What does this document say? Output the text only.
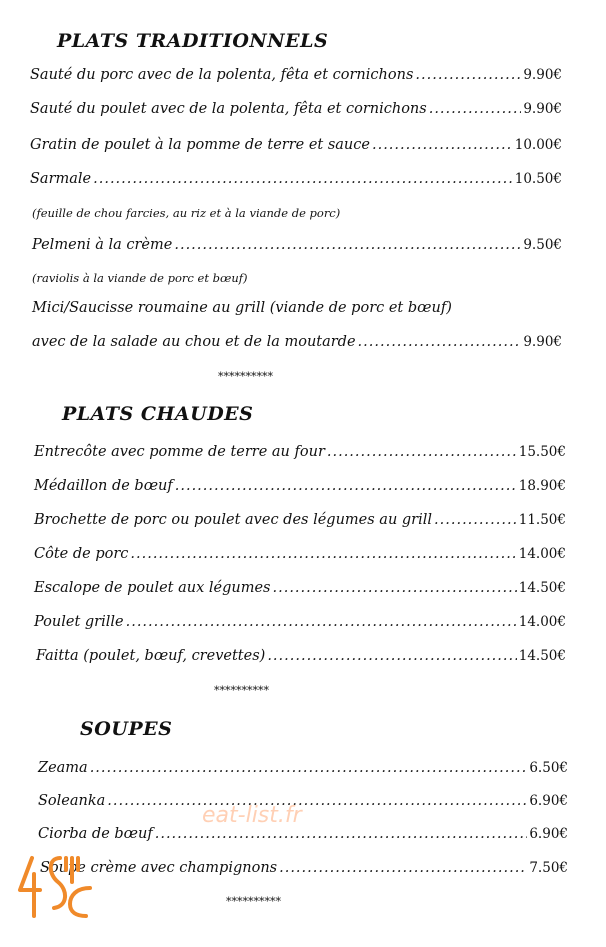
PLATS TRADITIONNELS
Sauté du porc avec de la polenta, fêta et cornichons .....	9.90€
Sauté du poulet avec de la polenta, fêta et cornichons .....	9.90€
Gratin de poulet à la pomme de terre et sauce .....	10.00€
Sarmale .....	10.50€
(feuille de chou farcies, au riz et à la viande de porc)
Pelmeni à la crème .....	9.50€
(raviolis à la viande de porc et bœuf)
Mici/Saucisse roumaine au grill (viande de porc et bœuf)
avec de la salade au chou et de la moutarde .....	9.90€
**********
PLATS CHAUDES
Entrecôte avec pomme de terre au four .....	15.50€
Médaillon de bœuf .....	18.90€
Brochette de porc ou poulet avec des légumes au grill .....	11.50€
Côte de porc .....	14.00€
Escalope de poulet aux légumes .....	14.50€
Poulet grille .....	14.00€
Faitta (poulet, bœuf, crevettes) .....	14.50€
**********
SOUPES
Zeama .....	6.50€
Soleanka .....	6.90€
Ciorba de bœuf .....	6.90€
Soupe crème avec champignons .....	7.50€
**********
eat-list.fr
